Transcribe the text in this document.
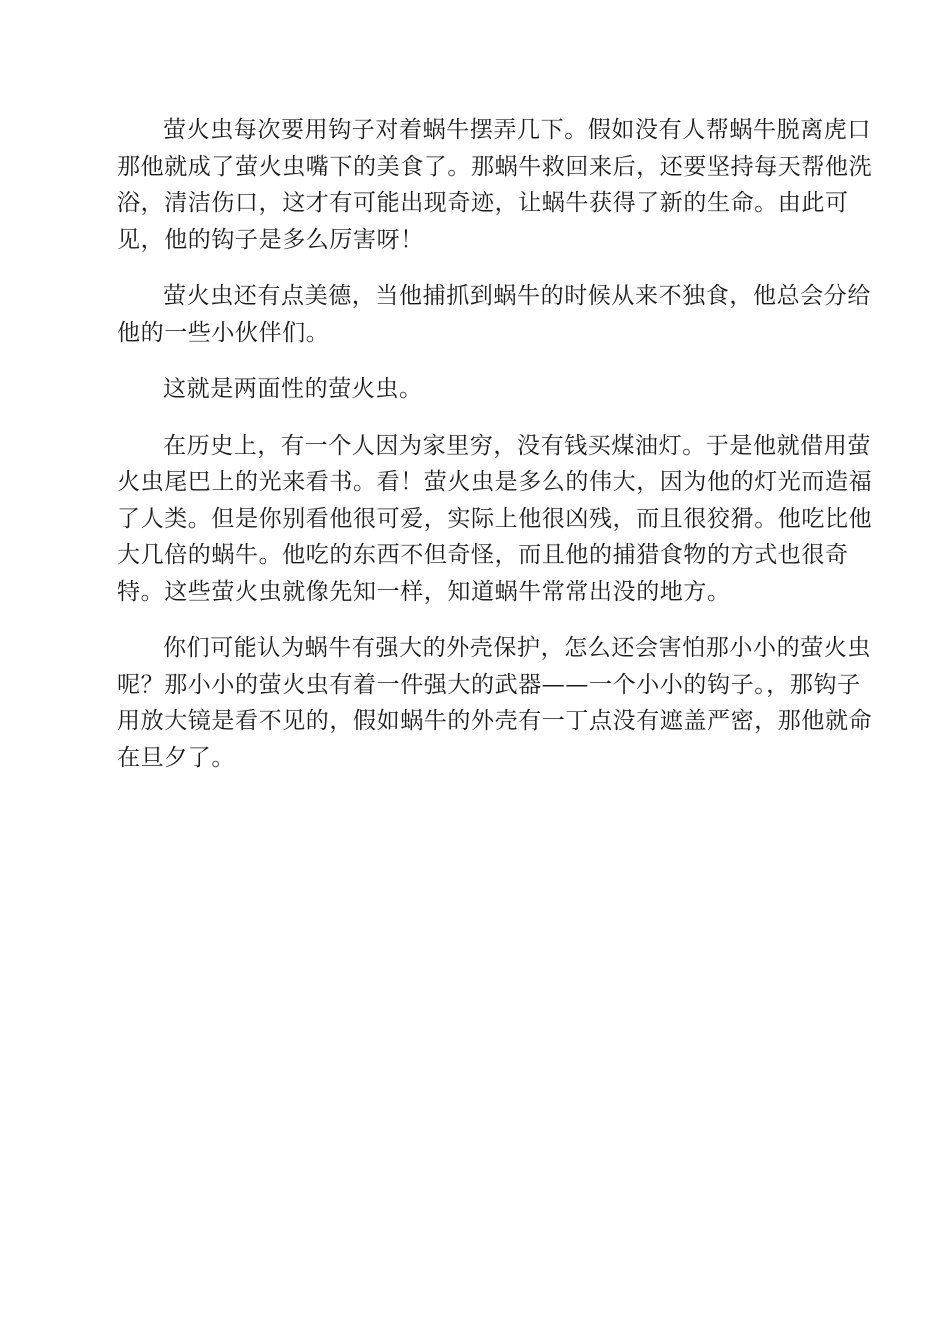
萤火虫每次要用钩子对着蜗牛摆弄几下。假如没有人帮蜗牛脱离虎口
那他就成了萤火虫嘴下的美食了。那蜗牛救回来后，还要坚持每天帮他洗
浴，清洁伤口，这才有可能出现奇迹，让蜗牛获得了新的生命。由此可
见，他的钩子是多么厉害呀！

萤火虫还有点美德，当他捕抓到蜗牛的时候从来不独食，他总会分给
他的一些小伙伴们。

这就是两面性的萤火虫。

在历史上，有一个人因为家里穷，没有钱买煤油灯。于是他就借用萤
火虫尾巴上的光来看书。看！萤火虫是多么的伟大，因为他的灯光而造福
了人类。但是你别看他很可爱，实际上他很凶残，而且很狡猾。他吃比他
大几倍的蜗牛。他吃的东西不但奇怪，而且他的捕猎食物的方式也很奇
特。这些萤火虫就像先知一样，知道蜗牛常常出没的地方。

你们可能认为蜗牛有强大的外壳保护，怎么还会害怕那小小的萤火虫
呢？那小小的萤火虫有着一件强大的武器——一个小小的钩子。，那钩子
用放大镜是看不见的，假如蜗牛的外壳有一丁点没有遮盖严密，那他就命
在旦夕了。
